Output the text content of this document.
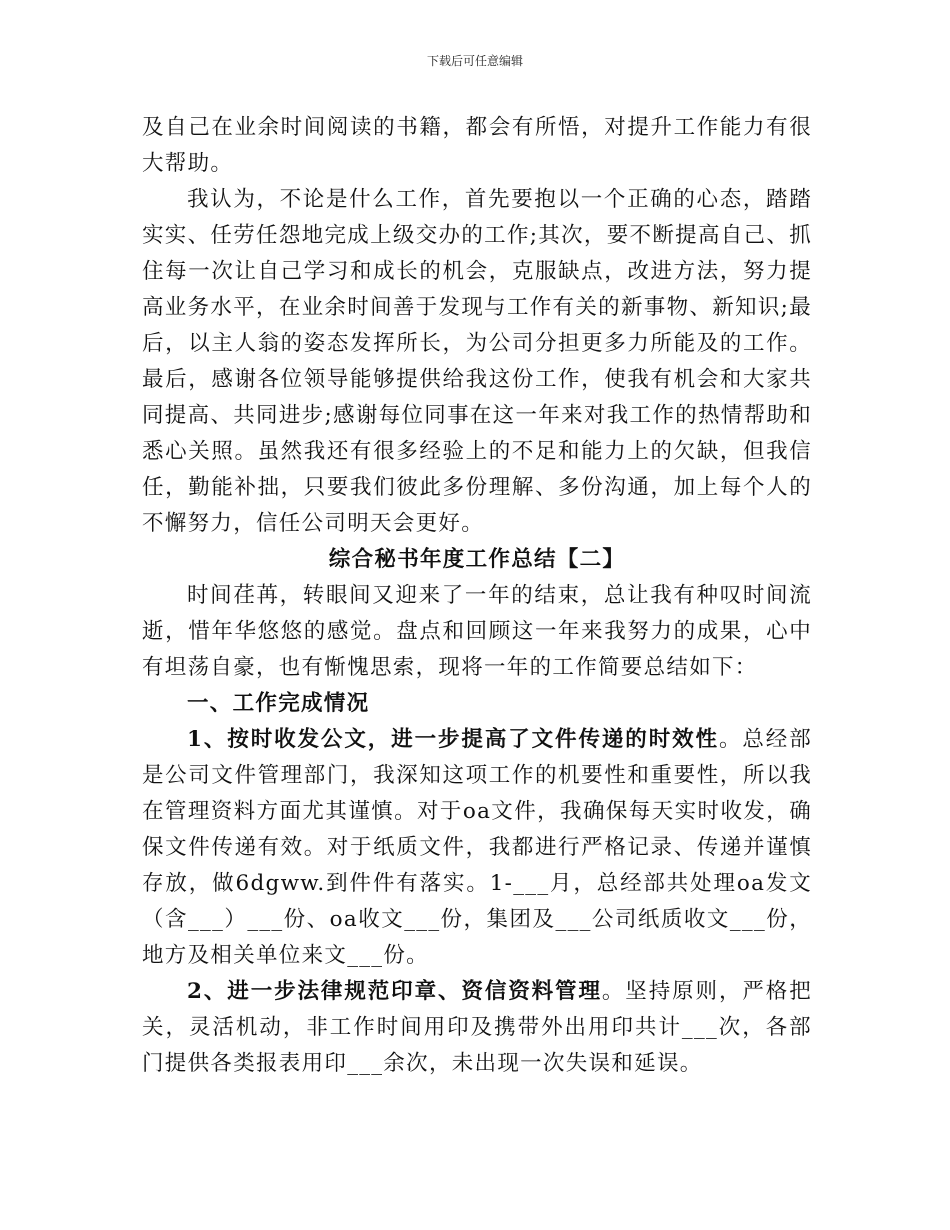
下载后可任意编辑

及自己在业余时间阅读的书籍，都会有所悟，对提升工作能力有很大帮助。

我认为，不论是什么工作，首先要抱以一个正确的心态，踏踏实实、任劳任怨地完成上级交办的工作;其次，要不断提高自己、抓住每一次让自己学习和成长的机会，克服缺点，改进方法，努力提高业务水平，在业余时间善于发现与工作有关的新事物、新知识;最后，以主人翁的姿态发挥所长，为公司分担更多力所能及的工作。最后，感谢各位领导能够提供给我这份工作，使我有机会和大家共同提高、共同进步;感谢每位同事在这一年来对我工作的热情帮助和悉心关照。虽然我还有很多经验上的不足和能力上的欠缺，但我信任，勤能补拙，只要我们彼此多份理解、多份沟通，加上每个人的不懈努力，信任公司明天会更好。

综合秘书年度工作总结【二】

时间荏苒，转眼间又迎来了一年的结束，总让我有种叹时间流逝，惜年华悠悠的感觉。盘点和回顾这一年来我努力的成果，心中有坦荡自豪，也有惭愧思索，现将一年的工作简要总结如下：

一、工作完成情况

1、按时收发公文，进一步提高了文件传递的时效性。总经部是公司文件管理部门，我深知这项工作的机要性和重要性，所以我在管理资料方面尤其谨慎。对于oa文件，我确保每天实时收发，确保文件传递有效。对于纸质文件，我都进行严格记录、传递并谨慎存放，做6dgww.到件件有落实。1-___月，总经部共处理oa发文（含___）___份、oa收文___份，集团及___公司纸质收文___份，地方及相关单位来文___份。

2、进一步法律规范印章、资信资料管理。坚持原则，严格把关，灵活机动，非工作时间用印及携带外出用印共计___次，各部门提供各类报表用印___余次，未出现一次失误和延误。
